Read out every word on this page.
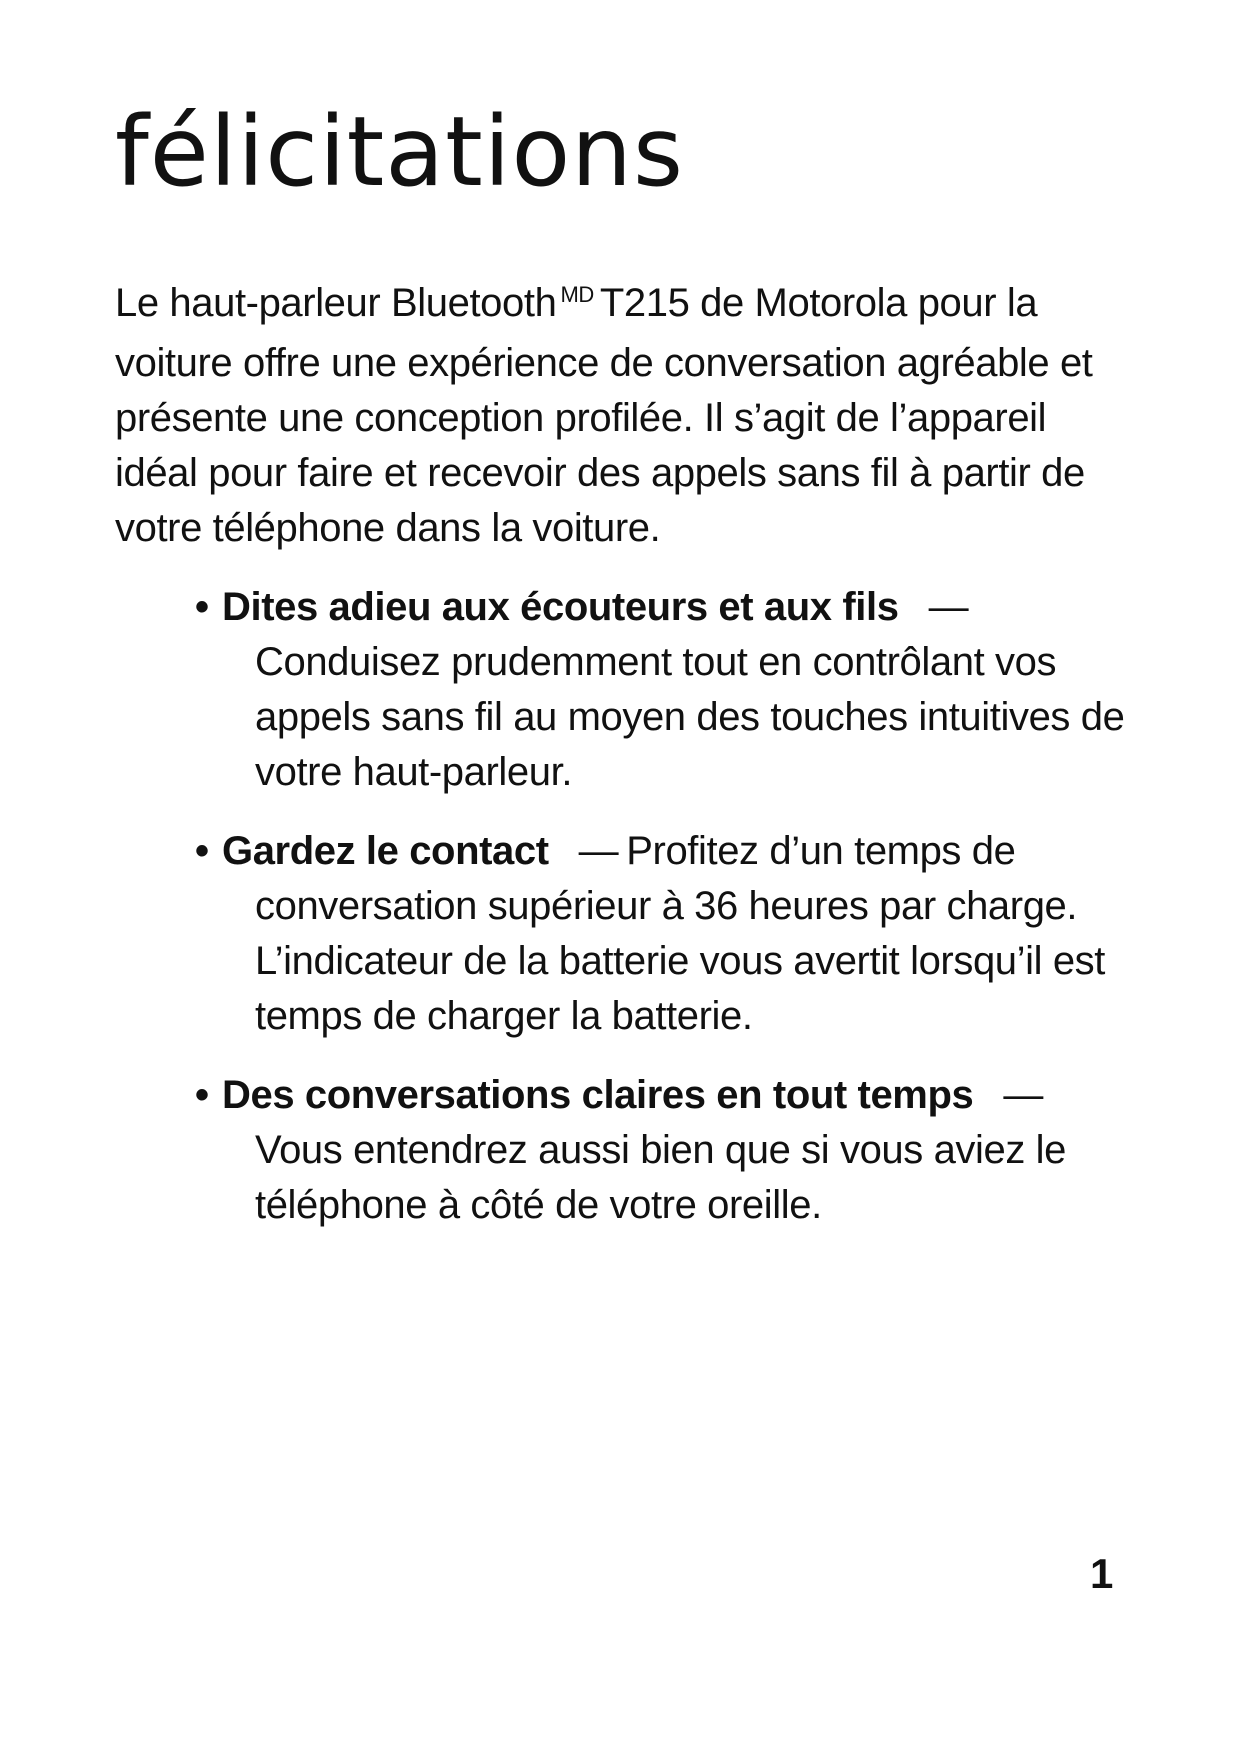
félicitations

Le haut-parleur Bluetooth $^{MD}$ T215 de Motorola pour la voiture offre une expérience de conversation agréable et présente une conception profilée. Il s’agit de l’appareil idéal pour faire et recevoir des appels sans fil à partir de votre téléphone dans la voiture.

• Dites adieu aux écouteurs et aux fils —Conduisez prudemment tout en contrôlant vos appels sans fil au moyen des touches intuitives de votre haut-parleur.
• Gardez le contact — Profitez d’un temps de conversation supérieur à 36 heures par charge. L’indicateur de la batterie vous avertit lorsqu’il est temps de charger la batterie.
• Des conversations claires en tout temps —Vous entendrez aussi bien que si vous aviez le téléphone à côté de votre oreille.

1
